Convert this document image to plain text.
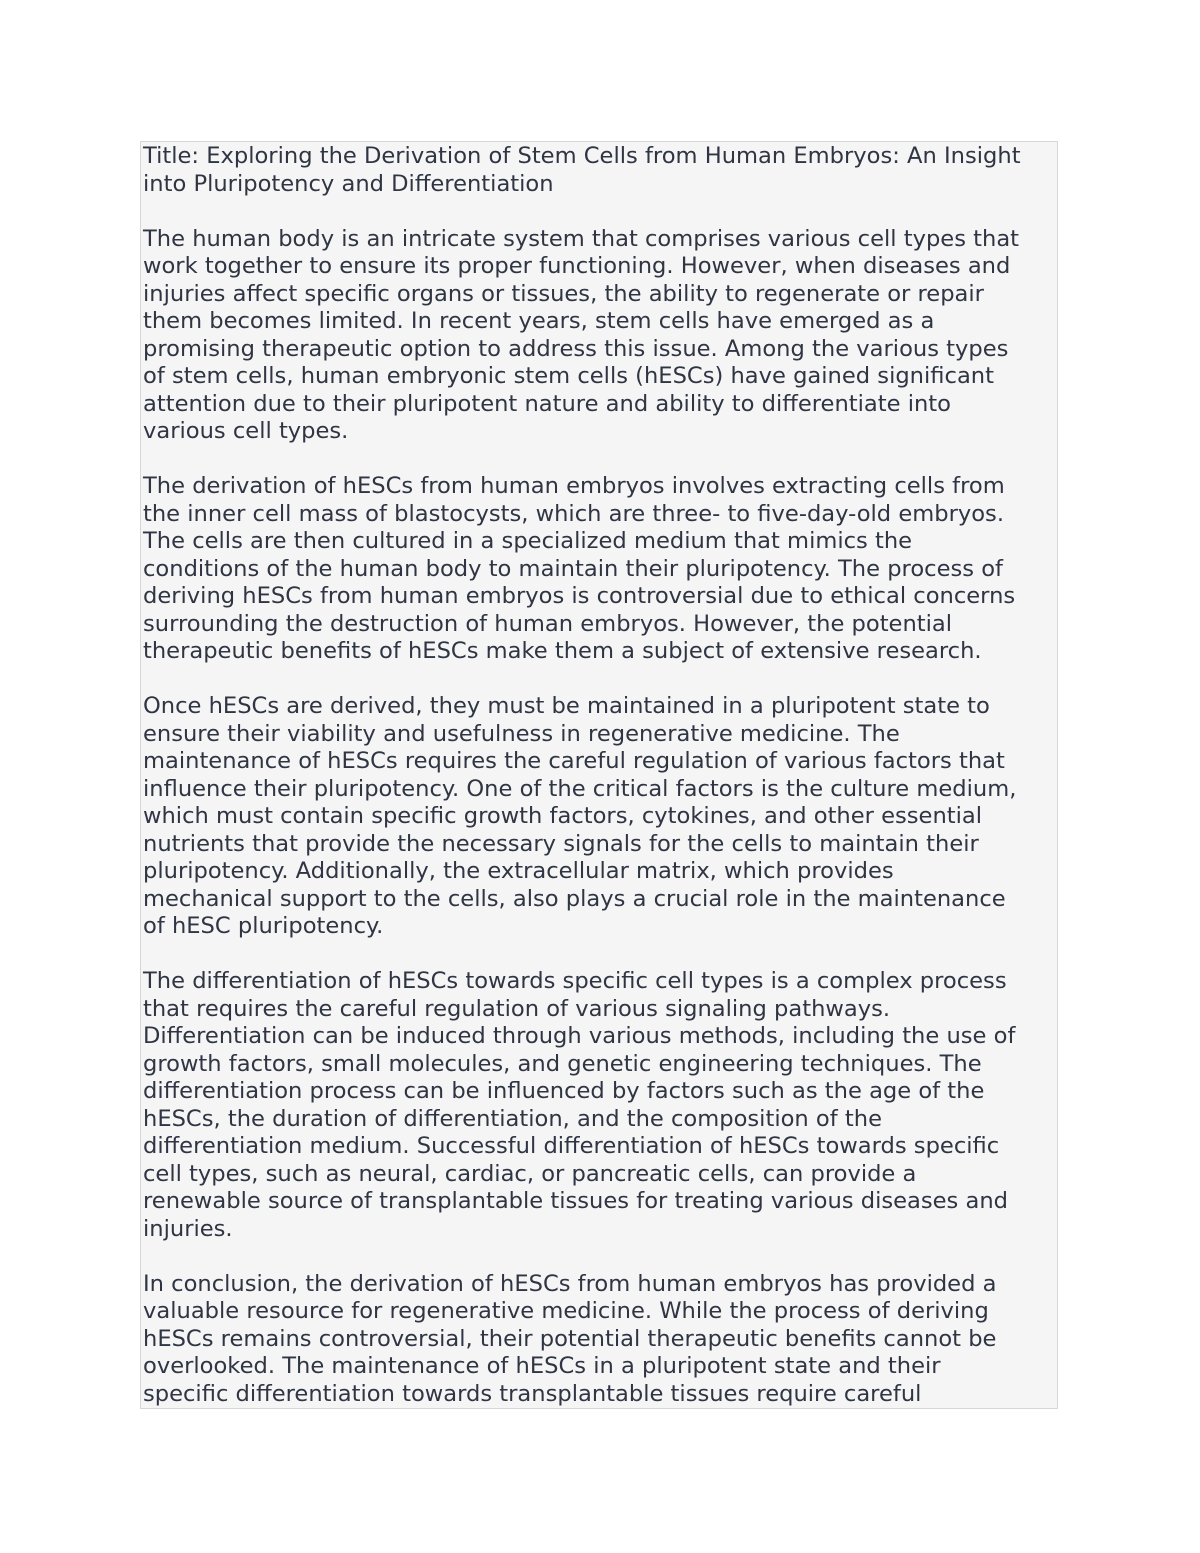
Title: Exploring the Derivation of Stem Cells from Human Embryos: An Insight
into Pluripotency and Differentiation

The human body is an intricate system that comprises various cell types that
work together to ensure its proper functioning. However, when diseases and
injuries affect specific organs or tissues, the ability to regenerate or repair
them becomes limited. In recent years, stem cells have emerged as a
promising therapeutic option to address this issue. Among the various types
of stem cells, human embryonic stem cells (hESCs) have gained significant
attention due to their pluripotent nature and ability to differentiate into
various cell types.

The derivation of hESCs from human embryos involves extracting cells from
the inner cell mass of blastocysts, which are three- to five-day-old embryos.
The cells are then cultured in a specialized medium that mimics the
conditions of the human body to maintain their pluripotency. The process of
deriving hESCs from human embryos is controversial due to ethical concerns
surrounding the destruction of human embryos. However, the potential
therapeutic benefits of hESCs make them a subject of extensive research.

Once hESCs are derived, they must be maintained in a pluripotent state to
ensure their viability and usefulness in regenerative medicine. The
maintenance of hESCs requires the careful regulation of various factors that
influence their pluripotency. One of the critical factors is the culture medium,
which must contain specific growth factors, cytokines, and other essential
nutrients that provide the necessary signals for the cells to maintain their
pluripotency. Additionally, the extracellular matrix, which provides
mechanical support to the cells, also plays a crucial role in the maintenance
of hESC pluripotency.

The differentiation of hESCs towards specific cell types is a complex process
that requires the careful regulation of various signaling pathways.
Differentiation can be induced through various methods, including the use of
growth factors, small molecules, and genetic engineering techniques. The
differentiation process can be influenced by factors such as the age of the
hESCs, the duration of differentiation, and the composition of the
differentiation medium. Successful differentiation of hESCs towards specific
cell types, such as neural, cardiac, or pancreatic cells, can provide a
renewable source of transplantable tissues for treating various diseases and
injuries.

In conclusion, the derivation of hESCs from human embryos has provided a
valuable resource for regenerative medicine. While the process of deriving
hESCs remains controversial, their potential therapeutic benefits cannot be
overlooked. The maintenance of hESCs in a pluripotent state and their
specific differentiation towards transplantable tissues require careful
